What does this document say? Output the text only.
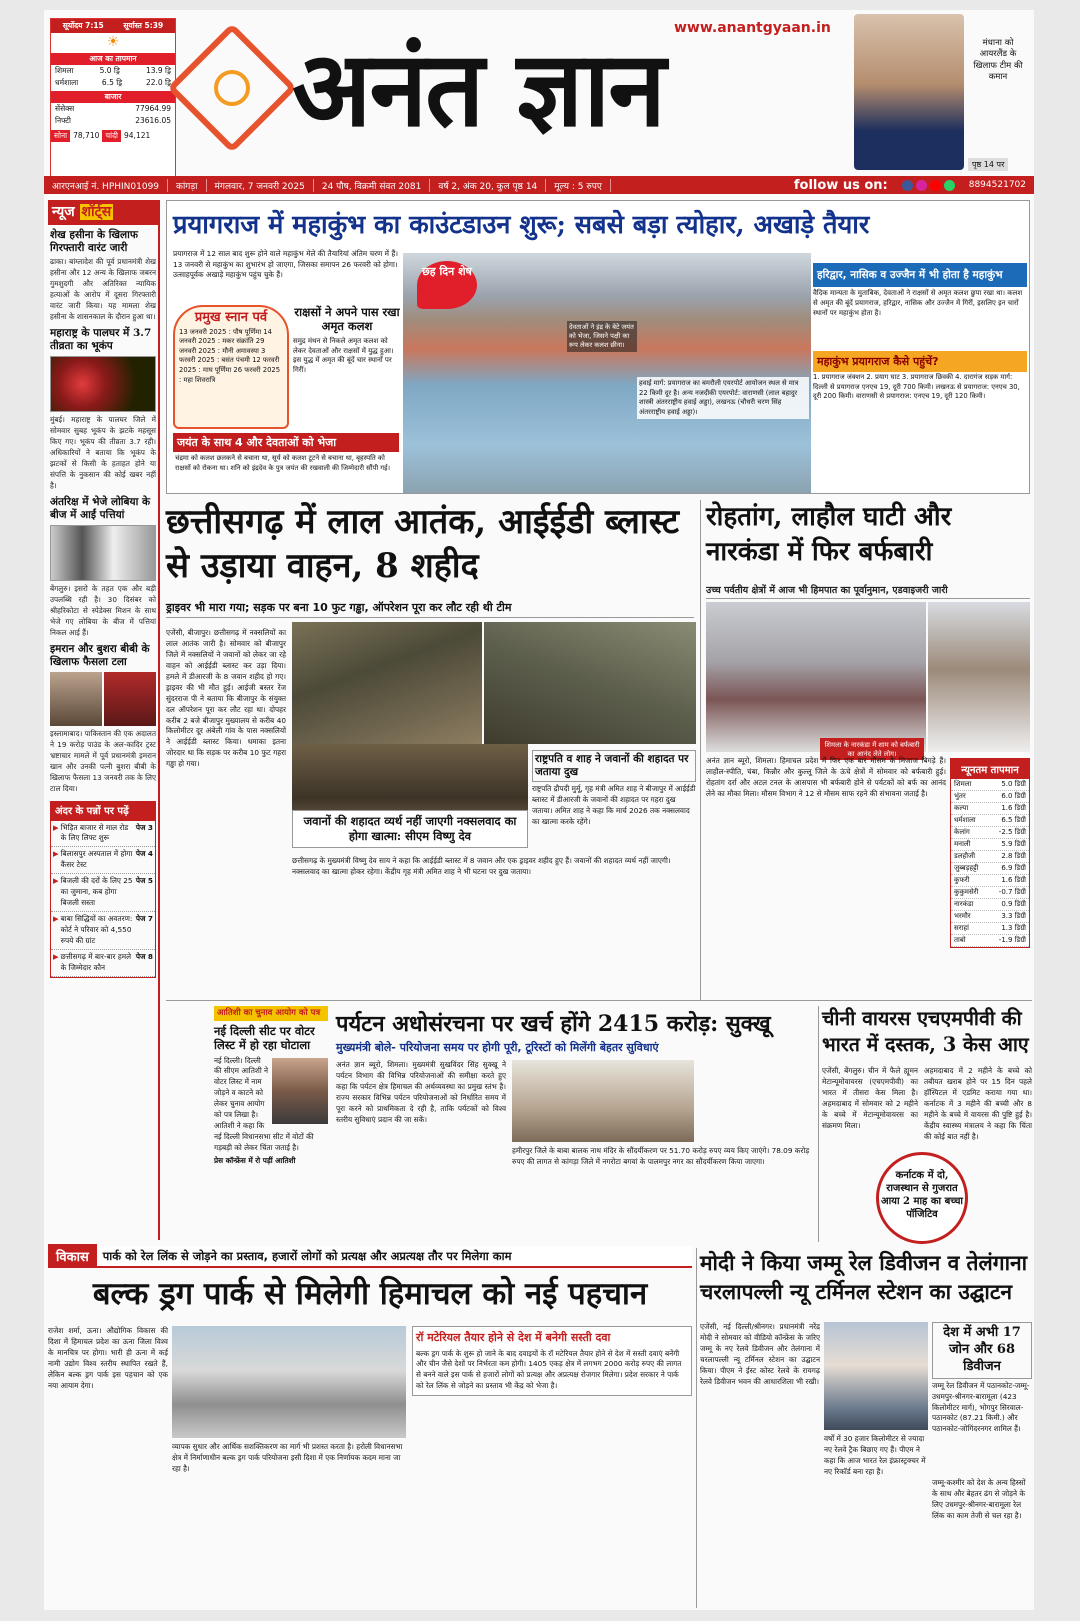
सूर्योदय 7:15	सूर्यास्त 5:39
☀
आज का तापमान
शिमला	5.0 ड्रि	13.9 ड्रि
धर्मशाला	6.5 ड्रि	22.0 ड्रि
बाजार
सेंसेक्स	77964.99
निफ्टी	23616.05
सोना 78,710 चांदी 94,121 अनंत ज्ञान www.anantgyaan.in
मंधाना को आयरलैंड के खिलाफ टीम की कमान
पृष्ठ 14 पर
आरएनआई नं. HPHIN01099	कांगड़ा	मंगलवार, 7 जनवरी 2025	24 पौष, विक्रमी संवत 2081	वर्ष 2, अंक 20, कुल पृष्ठ 14	मूल्य : 5 रुपए	follow us on:	8894521702
न्यूज शॉर्ट्स
शेख हसीना के खिलाफ गिरफ्तारी वारंट जारी
ढाका। बांग्लादेश की पूर्व प्रधानमंत्री शेख हसीना और 12 अन्य के खिलाफ जबरन गुमशुदगी और अतिरिक्त न्यायिक हत्याओं के आरोप में दूसरा गिरफ्तारी वारंट जारी किया। यह मामला शेख हसीना के शासनकाल के दौरान हुआ था।
महाराष्ट्र के पालघर में 3.7 तीव्रता का भूकंप
मुंबई। महाराष्ट्र के पालघर जिले में सोमवार सुबह भूकंप के झटके महसूस किए गए। भूकंप की तीव्रता 3.7 रही। अधिकारियों ने बताया कि भूकंप के झटकों से किसी के हताहत होने या संपत्ति के नुकसान की कोई खबर नहीं है।
अंतरिक्ष में भेजे लोबिया के बीज में आईं पत्तियां
बेंगलुरु। इसरो के तहत एक और बड़ी उपलब्धि रही है। 30 दिसंबर को श्रीहरिकोटा से स्पेडेक्स मिशन के साथ भेजे गए लोबिया के बीज में पत्तियां निकल आई हैं।
इमरान और बुशरा बीबी के खिलाफ फैसला टला
इस्लामाबाद। पाकिस्तान की एक अदालत ने 19 करोड़ पाउंड के अल-कादिर ट्रस्ट भ्रष्टाचार मामले में पूर्व प्रधानमंत्री इमरान खान और उनकी पत्नी बुशरा बीबी के खिलाफ फैसला 13 जनवरी तक के लिए टाल दिया।
अंदर के पन्नों पर पढ़ें
▶ भिड़ित बाजार से माल रोड के लिए लिफ्ट शुरू
पेज 3
▶ बिलासपुर अस्पताल में होगा कैंसर टेस्ट
पेज 4
▶ बिजली की दरों के लिए 25 का जुमाना, कब होगा बिजली सस्ता
पेज 5
▶ बाबा सिद्धियों का अवतरण: कोर्ट ने परिवार को 4,550 रुपये की ग्रांट
पेज 7
▶ छत्तीसगढ़ में बार-बार हमले के जिम्मेदार कौन
पेज 8
प्रयागराज में महाकुंभ का काउंटडाउन शुरू; सबसे बड़ा त्योहार, अखाड़े तैयार
प्रयागराज में 12 साल बाद शुरू होने वाले महाकुंभ मेले की तैयारियां अंतिम चरण में हैं। 13 जनवरी से महाकुंभ का शुभारंभ हो जाएगा, जिसका समापन 26 फरवरी को होगा। उत्साहपूर्वक अखाड़े महाकुंभ पहुंच चुके हैं।	छह दिन शेष
देवताओं ने इंद्र के बेटे जयंत को भेजा, जिसने पक्षी का रूप लेकर कलश छीना।
प्रमुख स्नान पर्व
13 जनवरी 2025 : पौष पूर्णिमा 14 जनवरी 2025 : मकर संक्रांति 29 जनवरी 2025 : मौनी अमावस्या 3 फरवरी 2025 : बसंत पंचमी 12 फरवरी 2025 : माघ पूर्णिमा 26 फरवरी 2025 : महा शिवरात्रि
राक्षसों ने अपने पास रखा अमृत कलश
समुद्र मंथन से निकले अमृत कलश को लेकर देवताओं और राक्षसों में युद्ध हुआ। इस युद्ध में अमृत की बूंदें चार स्थानों पर गिरीं।
जयंत के साथ 4 और देवताओं को भेजा
चंद्रमा को कलश छलकने से बचाना था, सूर्य को कलश टूटने से बचाना था, बृहस्पति को राक्षसों को रोकना था। शनि को इंद्रदेव के पुत्र जयंत की रखवाली की जिम्मेदारी सौंपी गई।
हरिद्वार, नासिक व उज्जैन में भी होता है महाकुंभ
वैदिक मान्यता के मुताबिक, देवताओं ने राक्षसों से अमृत कलश छुपा रखा था। कलश से अमृत की बूंदें प्रयागराज, हरिद्वार, नासिक और उज्जैन में गिरीं, इसलिए इन चारों स्थानों पर महाकुंभ होता है।
महाकुंभ प्रयागराज कैसे पहुंचें?
1. प्रयागराज जंक्शन 2. प्रयाग घाट 3. प्रयागराज छिवकी 4. दारागंज सड़क मार्ग: दिल्ली से प्रयागराज एनएच 19, दूरी 700 किमी। लखनऊ से प्रयागराज: एनएच 30, दूरी 200 किमी। वाराणसी से प्रयागराज: एनएच 19, दूरी 120 किमी।
हवाई मार्ग: प्रयागराज का बमरौली एयरपोर्ट आयोजन स्थल से मात्र 22 किमी दूर है। अन्य नजदीकी एयरपोर्ट: वाराणसी (लाल बहादुर शास्त्री अंतरराष्ट्रीय हवाई अड्डा), लखनऊ (चौधरी चरण सिंह अंतरराष्ट्रीय हवाई अड्डा)।
छत्तीसगढ़ में लाल आतंक, आईईडी ब्लास्ट से उड़ाया वाहन, 8 शहीद
ड्राइवर भी मारा गया; सड़क पर बना 10 फुट गड्ढा, ऑपरेशन पूरा कर लौट रही थी टीम
एजेंसी, बीजापुर। छत्तीसगढ़ में नक्सलियों का लाल आतंक जारी है। सोमवार को बीजापुर जिले में नक्सलियों ने जवानों को लेकर जा रहे वाहन को आईईडी ब्लास्ट कर उड़ा दिया। हमले में डीआरजी के 8 जवान शहीद हो गए। ड्राइवर की भी मौत हुई। आईजी बस्तर रेंज सुंदरराज पी ने बताया कि बीजापुर के संयुक्त दल ऑपरेशन पूरा कर लौट रहा था। दोपहर करीब 2 बजे बीजापुर मुख्यालय से करीब 40 किलोमीटर दूर अंबेली गांव के पास नक्सलियों ने आईईडी ब्लास्ट किया। धमाका इतना जोरदार था कि सड़क पर करीब 10 फुट गहरा गड्ढा हो गया।
जवानों की शहादत व्यर्थ नहीं जाएगी नक्सलवाद का होगा खात्मा: सीएम विष्णु देव
छत्तीसगढ़ के मुख्यमंत्री विष्णु देव साय ने कहा कि आईईडी ब्लास्ट में 8 जवान और एक ड्राइवर शहीद हुए हैं। जवानों की शहादत व्यर्थ नहीं जाएगी। नक्सलवाद का खात्मा होकर रहेगा। केंद्रीय गृह मंत्री अमित शाह ने भी घटना पर दुख जताया।
राष्ट्रपति व शाह ने जवानों की शहादत पर जताया दुख
राष्ट्रपति द्रौपदी मुर्मू, गृह मंत्री अमित शाह ने बीजापुर में आईईडी ब्लास्ट में डीआरजी के जवानों की शहादत पर गहरा दुख जताया। अमित शाह ने कहा कि मार्च 2026 तक नक्सलवाद का खात्मा करके रहेंगे।
रोहतांग, लाहौल घाटी और नारकंडा में फिर बर्फबारी
उच्च पर्वतीय क्षेत्रों में आज भी हिमपात का पूर्वानुमान, एडवाइजरी जारी
शिमला के नारकंडा में शाम को बर्फबारी का आनंद लेते लोग।
अनंत ज्ञान ब्यूरो, शिमला। हिमाचल प्रदेश में फिर एक बार मौसम के मिजाज बिगड़े हैं। लाहौल-स्पीति, चंबा, किन्नौर और कुल्लू जिले के ऊंचे क्षेत्रों में सोमवार को बर्फबारी हुई। रोहतांग दर्रा और अटल टनल के आसपास भी बर्फबारी होने से पर्यटकों को बर्फ का आनंद लेने का मौका मिला। मौसम विभाग ने 12 से मौसम साफ रहने की संभावना जताई है।
न्यूनतम तापमान
शिमला	5.0 डिग्री
भुंतर	6.0 डिग्री
कल्पा	1.6 डिग्री
धर्मशाला	6.5 डिग्री
केलांग	-2.5 डिग्री
मनाली	5.9 डिग्री
डलहौजी	2.8 डिग्री
जुब्बड़हट्टी	6.9 डिग्री
कुफरी	1.6 डिग्री
कुकुमसेरी	-0.7 डिग्री
नारकंडा	0.9 डिग्री
भरमौर	3.3 डिग्री
सराहां	1.3 डिग्री
ताबो	-1.9 डिग्री
आतिशी का चुनाव आयोग को पत्र
नई दिल्ली सीट पर वोटर लिस्ट में हो रहा घोटाला
नई दिल्ली। दिल्ली की सीएम आतिशी ने वोटर लिस्ट में नाम जोड़ने व काटने को लेकर चुनाव आयोग को पत्र लिखा है। आतिशी ने कहा कि नई दिल्ली विधानसभा सीट में वोटों की गड़बड़ी को लेकर चिंता जताई है।
प्रेस कॉन्फ्रेंस में रो पड़ीं आतिशी
पर्यटन अधोसंरचना पर खर्च होंगे 2415 करोड़: सुक्खू
मुख्यमंत्री बोले- परियोजना समय पर होगी पूरी, टूरिस्टों को मिलेंगी बेहतर सुविधाएं
अनंत ज्ञान ब्यूरो, शिमला। मुख्यमंत्री सुखविंदर सिंह सुक्खू ने पर्यटन विभाग की विभिन्न परियोजनाओं की समीक्षा करते हुए कहा कि पर्यटन क्षेत्र हिमाचल की अर्थव्यवस्था का प्रमुख स्तंभ है। राज्य सरकार विभिन्न पर्यटन परियोजनाओं को निर्धारित समय में पूरा करने को प्राथमिकता दे रही है, ताकि पर्यटकों को विश्व स्तरीय सुविधाएं प्रदान की जा सकें।
हमीरपुर जिले के बाबा बालक नाथ मंदिर के सौंदर्यीकरण पर 51.70 करोड़ रुपए व्यय किए जाएंगे। 78.09 करोड़ रुपए की लागत से कांगड़ा जिले में नगरोटा बगवां के पालमपुर नगर का सौंदर्यीकरण किया जाएगा।
चीनी वायरस एचएमपीवी की भारत में दस्तक, 3 केस आए
एजेंसी, बेंगलुरु। चीन में फैले ह्यूमन मेटान्यूमोवायरस (एचएमपीवी) का भारत में तीसरा केस मिला है। अहमदाबाद में सोमवार को 2 महीने के बच्चे में मेटान्यूमोवायरस का संक्रमण मिला।
अहमदाबाद में 2 महीने के बच्चे को तबीयत खराब होने पर 15 दिन पहले हॉस्पिटल में एडमिट कराया गया था। कर्नाटक में 3 महीने की बच्ची और 8 महीने के बच्चे में वायरस की पुष्टि हुई है। केंद्रीय स्वास्थ्य मंत्रालय ने कहा कि चिंता की कोई बात नहीं है।
कर्नाटक में दो, राजस्थान से गुजरात आया 2 माह का बच्चा पॉजिटिव
विकास	पार्क को रेल लिंक से जोड़ने का प्रस्ताव, हजारों लोगों को प्रत्यक्ष और अप्रत्यक्ष तौर पर मिलेगा काम
बल्क ड्रग पार्क से मिलेगी हिमाचल को नई पहचान
राजेश शर्मा, ऊना। औद्योगिक विकास की दिशा में हिमाचल प्रदेश का ऊना जिला विश्व के मानचित्र पर होगा। भारी ही ऊना में कई नामी उद्योग विश्व स्तरीय स्थापित रखते हैं, लेकिन बल्क ड्रग पार्क इस पहचान को एक नया आयाम देगा।
व्यापक सुधार और आर्थिक सशक्तिकरण का मार्ग भी प्रशस्त करता है। हरोली विधानसभा क्षेत्र में निर्माणाधीन बल्क ड्रग पार्क परियोजना इसी दिशा में एक निर्णायक कदम माना जा रहा है।
रॉ मटेरियल तैयार होने से देश में बनेगी सस्ती दवा
बल्क ड्रग पार्क के शुरू हो जाने के बाद दवाइयों के रॉ मटेरियल तैयार होने से देश में सस्ती दवाएं बनेंगी और चीन जैसे देशों पर निर्भरता कम होगी। 1405 एकड़ क्षेत्र में लगभग 2000 करोड़ रुपए की लागत से बनने वाले इस पार्क से हजारों लोगों को प्रत्यक्ष और अप्रत्यक्ष रोजगार मिलेगा। प्रदेश सरकार ने पार्क को रेल लिंक से जोड़ने का प्रस्ताव भी केंद्र को भेजा है।
मोदी ने किया जम्मू रेल डिवीजन व तेलंगाना चरलापल्ली न्यू टर्मिनल स्टेशन का उद्घाटन
एजेंसी, नई दिल्ली/श्रीनगर। प्रधानमंत्री नरेंद्र मोदी ने सोमवार को वीडियो कॉन्फ्रेंस के जरिए जम्मू के नए रेलवे डिवीजन और तेलंगाना में चरलापल्ली न्यू टर्मिनल स्टेशन का उद्घाटन किया। पीएम ने ईस्ट कोस्ट रेलवे के रायगढ़ रेलवे डिवीजन भवन की आधारशिला भी रखी।
देश में अभी 17 जोन और 68 डिवीजन
जम्मू रेल डिवीजन में पठानकोट-जम्मू-उधमपुर-श्रीनगर-बारामूला (423 किलोमीटर मार्ग), भोगपुर सिरवाल-पठानकोट (87.21 किमी.) और पठानकोट-जोगिंदरनगर शामिल हैं।
वर्षों में 30 हजार किलोमीटर से ज्यादा नए रेलवे ट्रैक बिछाए गए हैं। पीएम ने कहा कि आज भारत रेल इंफ्रास्ट्रक्चर में नए रिकॉर्ड बना रहा है।
जम्मू-कश्मीर को देश के अन्य हिस्सों के साथ और बेहतर ढंग से जोड़ने के लिए उधमपुर-श्रीनगर-बारामूला रेल लिंक का काम तेजी से चल रहा है।
